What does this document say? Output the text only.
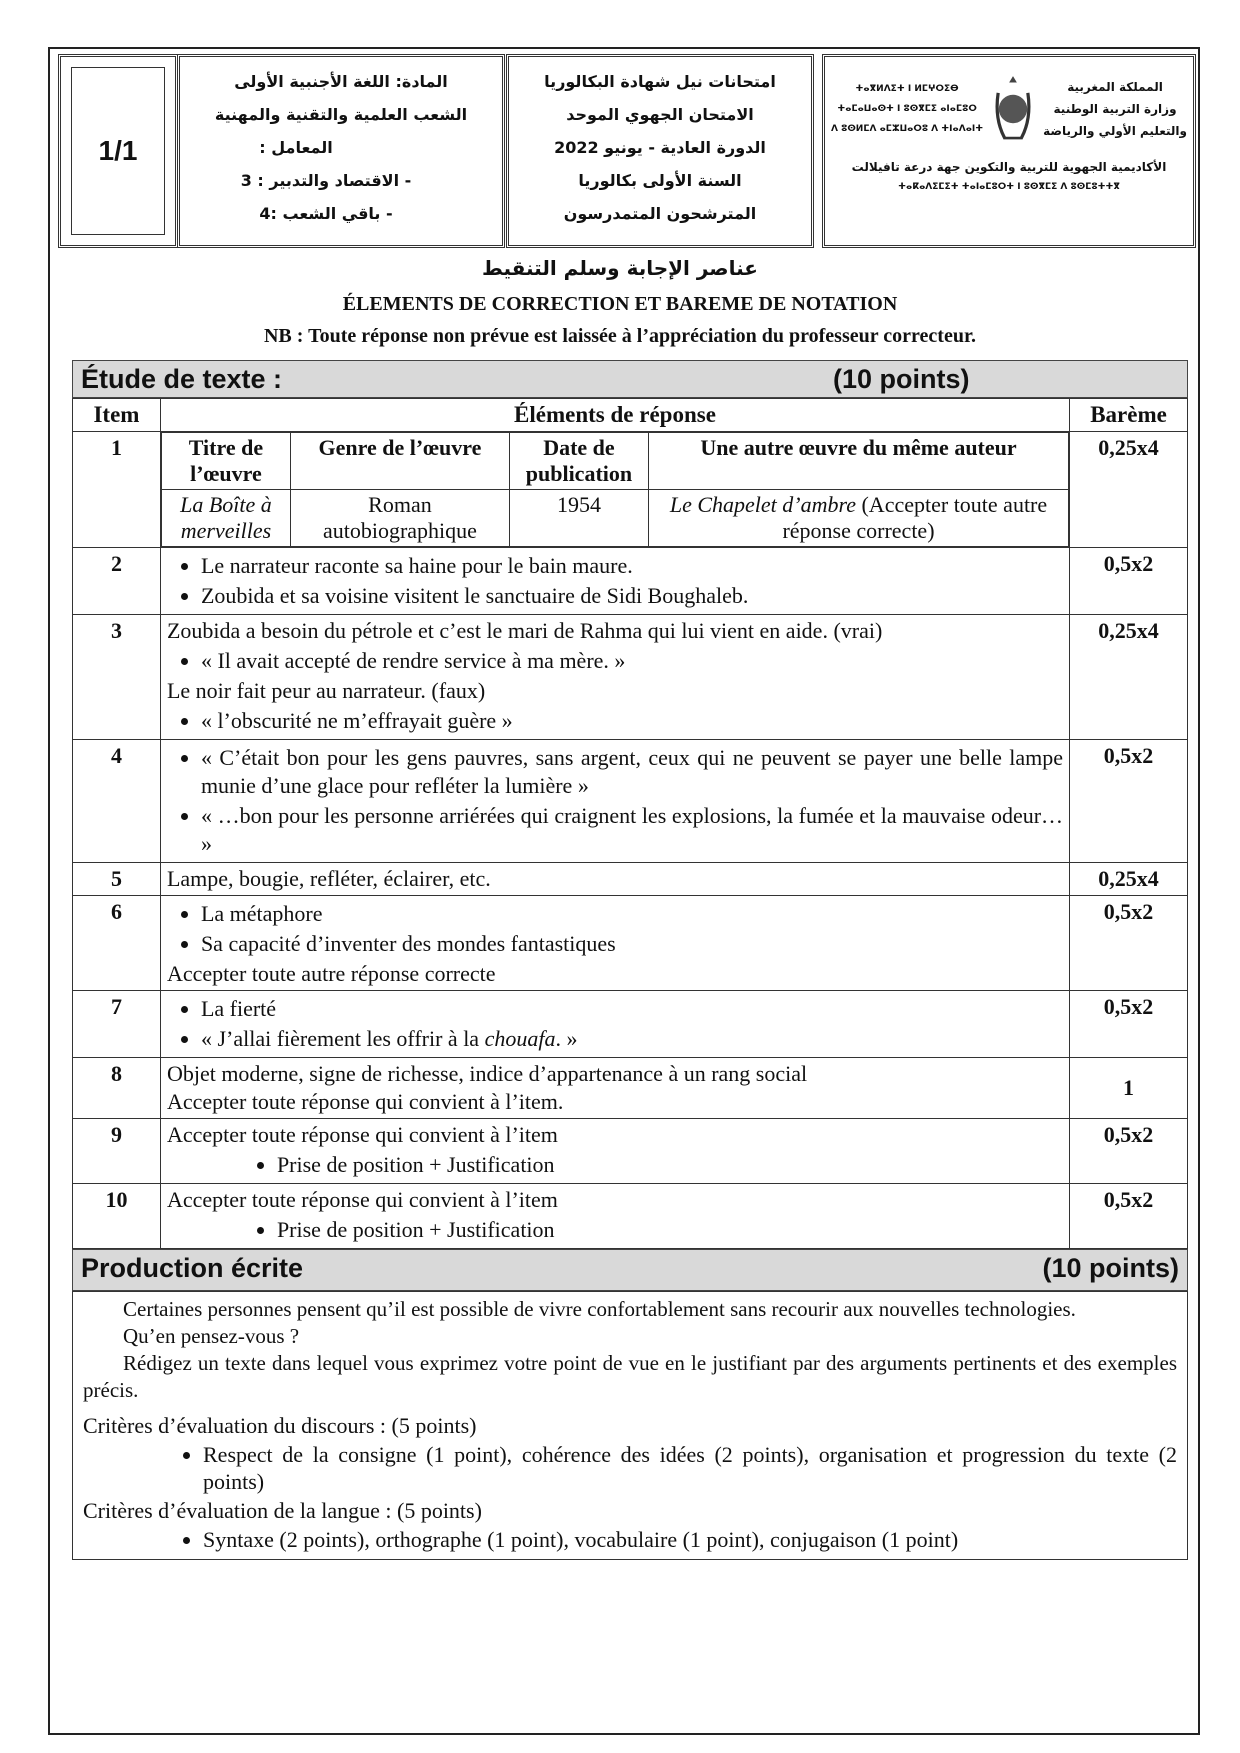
1/1
المادة: اللغة الأجنبية الأولى
الشعب العلمية والتقنية والمهنية
المعامل :
- الاقتصاد والتدبير : 3
- باقي الشعب :4
امتحانات نيل شهادة البكالوريا
الامتحان الجهوي الموحد
الدورة العادية - يونيو 2022
السنة الأولى بكالوريا
المترشحون المتمدرسون
ⵜⴰⴳⵍⴷⵉⵜ ⵏ ⵍⵎⵖⵔⵉⴱ
ⵜⴰⵎⴰⵡⴰⵙⵜ ⵏ ⵓⵙⴳⵎⵉ ⴰⵏⴰⵎⵓⵔ
ⴷ ⵓⵙⵍⵎⴷ ⴰⵎⵣⵡⴰⵔⵓ ⴷ ⵜⵏⴰⴷⴰⵏⵜ
المملكة المغربية
وزارة التربية الوطنية
والتعليم الأولي والرياضة
الأكاديمية الجهوية للتربية والتكوين جهة درعة تافيلالت
ⵜⴰⴽⴰⴷⵉⵎⵉⵜ ⵜⴰⵏⴰⵎⵓⵔⵜ ⵏ ⵓⵙⴳⵎⵉ ⴷ ⵓⵙⵎⵓⵜⵜⴳ
عناصر الإجابة وسلم التنقيط
ÉLEMENTS DE CORRECTION ET BAREME DE NOTATION
NB : Toute réponse non prévue est laissée à l’appréciation du professeur correcteur.
Étude de texte :	(10 points)
Item	Éléments de réponse	Barème
1		Titre de l’œuvre	Genre de l’œuvre	Date de publication	Une autre œuvre du même auteur
La Boîte à merveilles	Roman autobiographique	1954	Le Chapelet d’ambre (Accepter toute autre réponse correcte)
	0,25x4
2	
•Le narrateur raconte sa haine pour le bain maure.
• Zoubida et sa voisine visitent le sanctuaire de Sidi Boughaleb.
	0,5x2
3	Zoubida a besoin du pétrole et c’est le mari de Rahma qui lui vient en aide. (vrai)
• « Il avait accepté de rendre service à ma mère. »
Le noir fait peur au narrateur. (faux)
• « l’obscurité ne m’effrayait guère »
	0,25x4
4	
•« C’était bon pour les gens pauvres, sans argent, ceux qui ne peuvent se payer une belle lampe munie d’une glace pour refléter la lumière »
• « …bon pour les personne arriérées qui craignent les explosions, la fumée et la mauvaise odeur… »
	0,5x2
5	Lampe, bougie, refléter, éclairer, etc.	0,25x4
6	
•La métaphore
• Sa capacité d’inventer des mondes fantastiques
Accepter toute autre réponse correcte
	0,5x2
7	
•La fierté
• « J’allai fièrement les offrir à la chouafa. »
	0,5x2
8	Objet moderne, signe de richesse, indice d’appartenance à un rang social
Accepter toute réponse qui convient à l’item.
	1
9	Accepter toute réponse qui convient à l’item
• Prise de position + Justification
	0,5x2
10	Accepter toute réponse qui convient à l’item
• Prise de position + Justification
	0,5x2
Production écrite	(10 points)

Certaines personnes pensent qu’il est possible de vivre confortablement sans recourir aux nouvelles technologies.

Qu’en pensez-vous ?

Rédigez un texte dans lequel vous exprimez votre point de vue en le justifiant par des arguments pertinents et des exemples précis.

Critères d’évaluation du discours : (5 points)

• Respect de la consigne (1 point), cohérence des idées (2 points), organisation et progression du texte (2 points)

Critères d’évaluation de la langue : (5 points)

• Syntaxe (2 points), orthographe (1 point), vocabulaire (1 point), conjugaison (1 point)
